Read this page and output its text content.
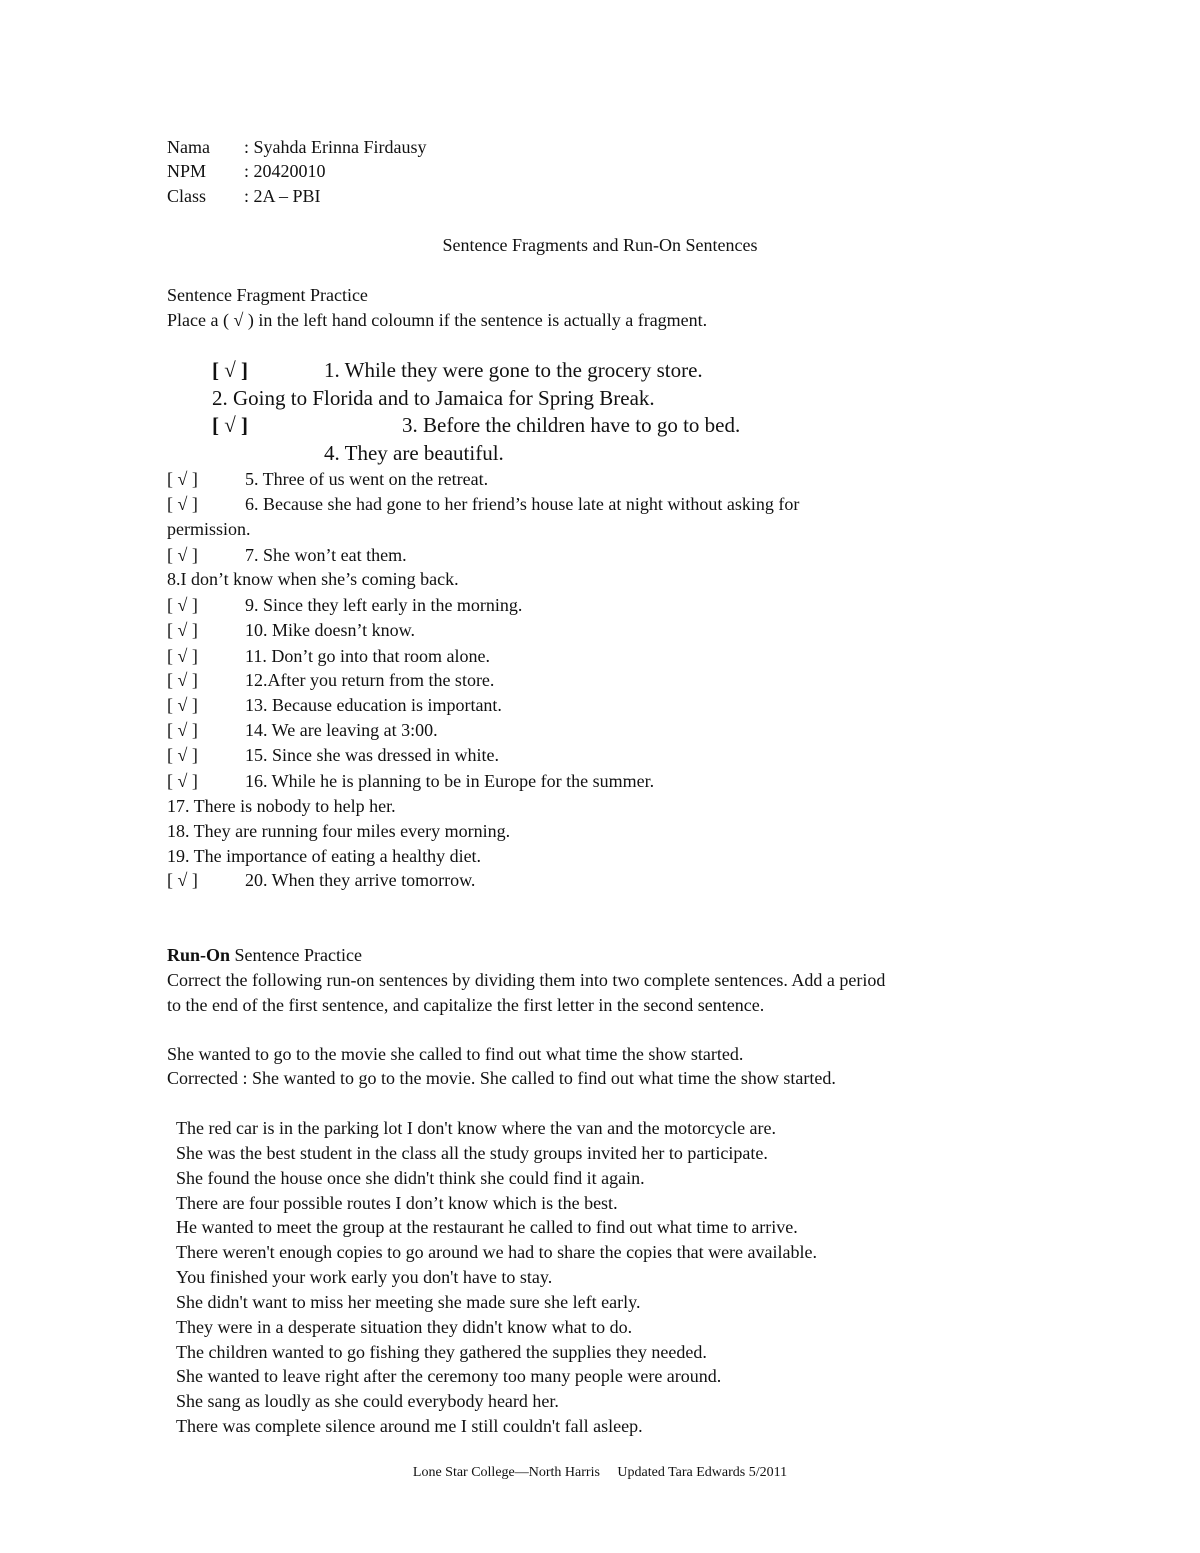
Nama : Syahda Erinna Firdausy
NPM : 20420010
Class : 2A – PBI
Sentence Fragments and Run-On Sentences
Sentence Fragment Practice
Place a ( √ ) in the left hand coloumn if the sentence is actually a fragment.
[ √ ]	1. While they were gone to the grocery store.
2. Going to Florida and to Jamaica for Spring Break.
[ √ ]	3. Before the children have to go to bed.
4. They are beautiful.
[ √ ]	5. Three of us went on the retreat.
[ √ ]	6. Because she had gone to her friend’s house late at night without asking for
permission.
[ √ ]	7. She won’t eat them.
8.I don’t know when she’s coming back.
[ √ ]	9. Since they left early in the morning.
[ √ ]	10. Mike doesn’t know.
[ √ ]	11. Don’t go into that room alone.
[ √ ]	12.After you return from the store.
[ √ ]	13. Because education is important.
[ √ ]	14. We are leaving at 3:00.
[ √ ]	15. Since she was dressed in white.
[ √ ]	16. While he is planning to be in Europe for the summer.
17. There is nobody to help her.
18. They are running four miles every morning.
19. The importance of eating a healthy diet.
[ √ ]	20. When they arrive tomorrow.
Run-On Sentence Practice
Correct the following run-on sentences by dividing them into two complete sentences. Add a period
to the end of the first sentence, and capitalize the first letter in the second sentence.
She wanted to go to the movie she called to find out what time the show started.
Corrected : She wanted to go to the movie. She called to find out what time the show started.
The red car is in the parking lot I don't know where the van and the motorcycle are.
She was the best student in the class all the study groups invited her to participate.
She found the house once she didn't think she could find it again.
There are four possible routes I don’t know which is the best.
He wanted to meet the group at the restaurant he called to find out what time to arrive.
There weren't enough copies to go around we had to share the copies that were available.
You finished your work early you don't have to stay.
She didn't want to miss her meeting she made sure she left early.
They were in a desperate situation they didn't know what to do.
The children wanted to go fishing they gathered the supplies they needed.
She wanted to leave right after the ceremony too many people were around.
She sang as loudly as she could everybody heard her.
There was complete silence around me I still couldn't fall asleep.
Lone Star College—North Harris     Updated Tara Edwards 5/2011
